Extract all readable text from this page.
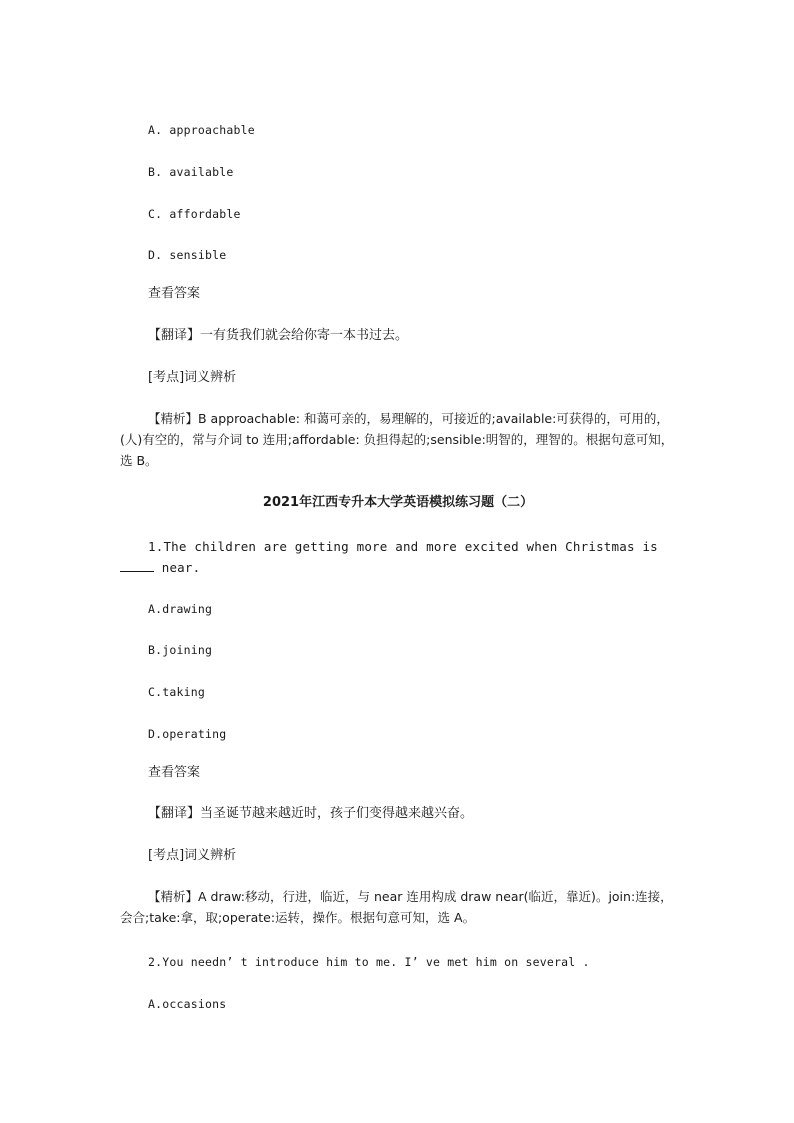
A. approachable
B. available
C. affordable
D. sensible
查看答案
【翻译】一有货我们就会给你寄一本书过去。
[考点]词义辨析
【精析】B approachable: 和蔼可亲的，易理解的，可接近的;available:可获得的，可用的，(人)有空的，常与介词 to 连用;affordable: 负担得起的;sensible:明智的，理智的。根据句意可知，选 B。
2021年江西专升本大学英语模拟练习题（二）
1.The children are getting more and more excited when Christmas is  near.
A.drawing
B.joining
C.taking
D.operating
查看答案
【翻译】当圣诞节越来越近时，孩子们变得越来越兴奋。
[考点]词义辨析
【精析】A draw:移动，行进，临近，与 near 连用构成 draw near(临近，靠近)。join:连接，会合;take:拿，取;operate:运转，操作。根据句意可知，选 A。
2.You needn’ t introduce him to me. I’ ve met him on several .
A.occasions
